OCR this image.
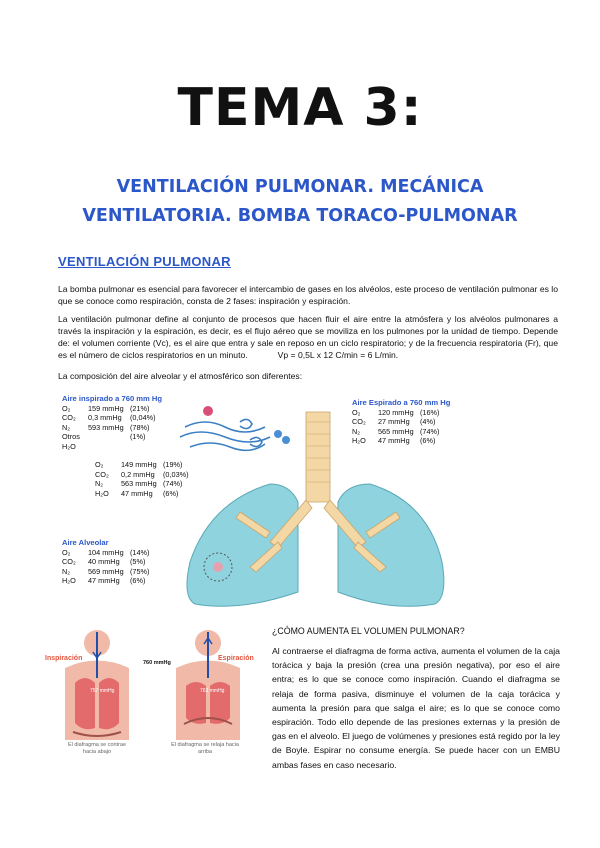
TEMA 3:
VENTILACIÓN PULMONAR. MECÁNICA
VENTILATORIA. BOMBA TORACO-PULMONAR
VENTILACIÓN PULMONAR
La bomba pulmonar es esencial para favorecer el intercambio de gases en los alvéolos, este proceso de ventilación pulmonar es lo que se conoce como respiración, consta de 2 fases: inspiración y espiración.
La ventilación pulmonar define al conjunto de procesos que hacen fluir el aire entre la atmósfera y los alvéolos pulmonares a través la inspiración y la espiración, es decir, es el flujo aéreo que se moviliza en los pulmones por la unidad de tiempo. Depende de: el volumen corriente (Vc), es el aire que entra y sale en reposo en un ciclo respiratorio; y de la frecuencia respiratoria (Fr), que es el número de ciclos respiratorios en un minuto.	Vp = 0,5L x 12 C/min = 6 L/min.
La composición del aire alveolar y el atmosférico son diferentes:
Aire inspirado a 760 mm Hg
O₂ 159 mmHg (21%)
CO₂ 0,3 mmHg (0,04%)
N₂ 593 mmHg (78%)
Otros	(1%)
H₂O
O₂ 149 mmHg (19%)
CO₂ 0,2 mmHg (0,03%)
N₂ 563 mmHg (74%)
H₂O 47 mmHg (6%)
Aire Espirado a 760 mm Hg
O₂ 120 mmHg (16%)
CO₂ 27 mmHg (4%)
N₂ 565 mmHg (74%)
H₂O 47 mmHg (6%)
Aire Alveolar
O₂ 104 mmHg (14%)
CO₂ 40 mmHg (5%)
N₂ 569 mmHg (75%)
H₂O 47 mmHg (6%)
Inspiración	Espiración
760 mmHg
757 mmHg	763 mmHg
El diafragma se contrae hacia abajo
El diafragma se relaja hacia arriba
¿CÓMO AUMENTA EL VOLUMEN PULMONAR?
Al contraerse el diafragma de forma activa, aumenta el volumen de la caja torácica y baja la presión (crea una presión negativa), por eso el aire entra; es lo que se conoce como inspiración. Cuando el diafragma se relaja de forma pasiva, disminuye el volumen de la caja torácica y aumenta la presión para que salga el aire; es lo que se conoce como espiración. Todo ello depende de las presiones externas y la presión de gas en el alveolo. El juego de volúmenes y presiones está regido por la ley de Boyle. Espirar no consume energía. Se puede hacer con un EMBU ambas fases en caso necesario.
